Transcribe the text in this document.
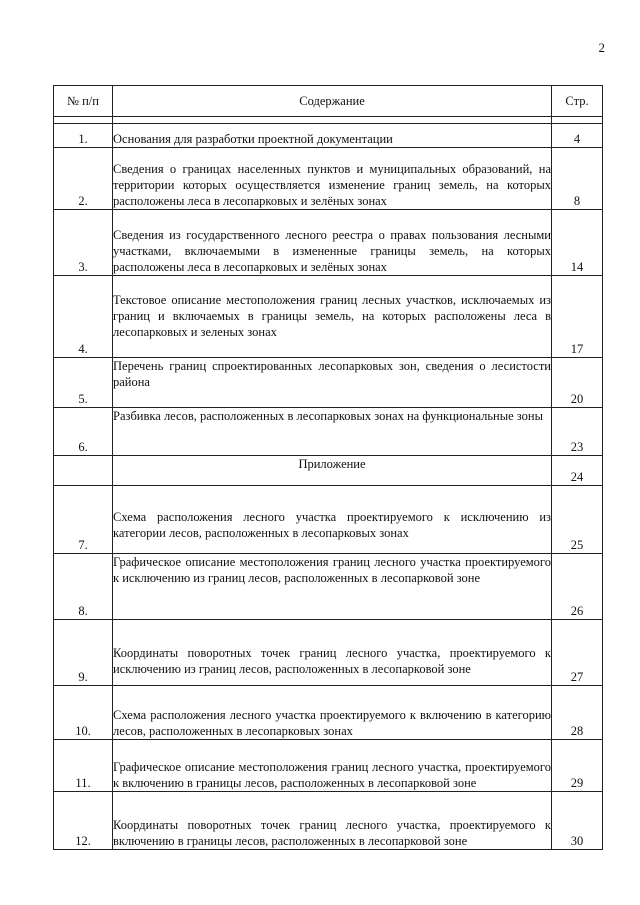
2
№ п/п	Содержание	Стр.

1.	Основания для разработки проектной документации	4
2.	Сведения о границах населенных пунктов и муниципальных образований, на территории которых осуществляется изменение границ земель, на которых расположены леса в лесопарковых и зелёных зонах	8
3.	Сведения из государственного лесного реестра о правах пользования лесными участками, включаемыми в измененные границы земель, на которых расположены леса в лесопарковых и зелёных зонах	14
4.	Текстовое описание местоположения границ лесных участков, исключаемых из границ и включаемых в границы земель, на которых расположены леса в лесопарковых и зеленых зонах	17
5.	Перечень границ спроектированных лесопарковых зон, сведения о лесистости района	20
6.	Разбивка лесов, расположенных в лесопарковых зонах на функциональные зоны	23
	Приложение	24
7.	Схема расположения лесного участка проектируемого к исключению из категории лесов, расположенных в лесопарковых зонах	25
8.	Графическое описание местоположения границ лесного участка проектируемого к исключению из границ лесов, расположенных в лесопарковой зоне	26
9.	Координаты поворотных точек границ лесного участка, проектируемого к исключению из границ лесов, расположенных в лесопарковой зоне	27
10.	Схема расположения лесного участка проектируемого к включению в категорию лесов, расположенных в лесопарковых зонах	28
11.	Графическое описание местоположения границ лесного участка, проектируемого к включению в границы лесов, расположенных в лесопарковой зоне	29
12.	Координаты поворотных точек границ лесного участка, проектируемого к включению в границы лесов, расположенных в лесопарковой зоне	30
